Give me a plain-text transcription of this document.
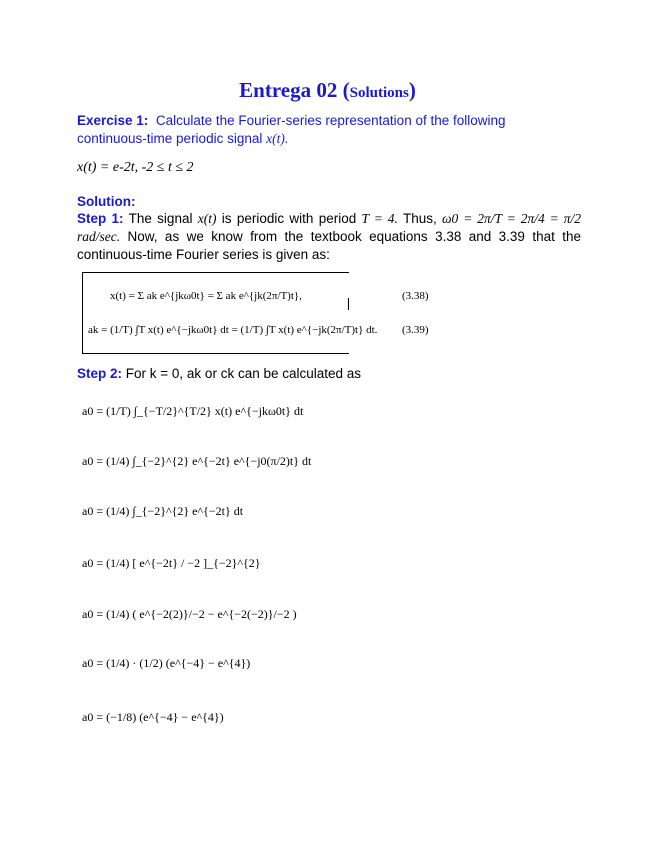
Entrega 02 (Solutions)
Exercise 1: Calculate the Fourier-series representation of the following continuous-time periodic signal x(t).
x(t) = e-2t, -2 ≤ t ≤ 2
Solution:
Step 1: The signal x(t) is periodic with period T = 4. Thus, ω0 = 2π/T = 2π/4 = π/2 rad/sec. Now, as we know from the textbook equations 3.38 and 3.39 that the continuous-time Fourier series is given as:
x(t) = Σ ak e^{jkω0t} = Σ ak e^{jk(2π/T)t},	(3.38)
ak = (1/T) ∫T x(t) e^{−jkω0t} dt = (1/T) ∫T x(t) e^{−jk(2π/T)t} dt. (3.39)
Step 2: For k = 0, ak or ck can be calculated as
a0 = (1/T) ∫_{−T/2}^{T/2} x(t) e^{−jkω0t} dt
a0 = (1/4) ∫_{−2}^{2} e^{−2t} e^{−j0(π/2)t} dt
a0 = (1/4) ∫_{−2}^{2} e^{−2t} dt
a0 = (1/4) [ e^{−2t} / −2 ]_{−2}^{2}
a0 = (1/4) ( e^{−2(2)}/−2 − e^{−2(−2)}/−2 )
a0 = (1/4) · (1/2) (e^{−4} − e^{4})
a0 = (−1/8) (e^{−4} − e^{4})
